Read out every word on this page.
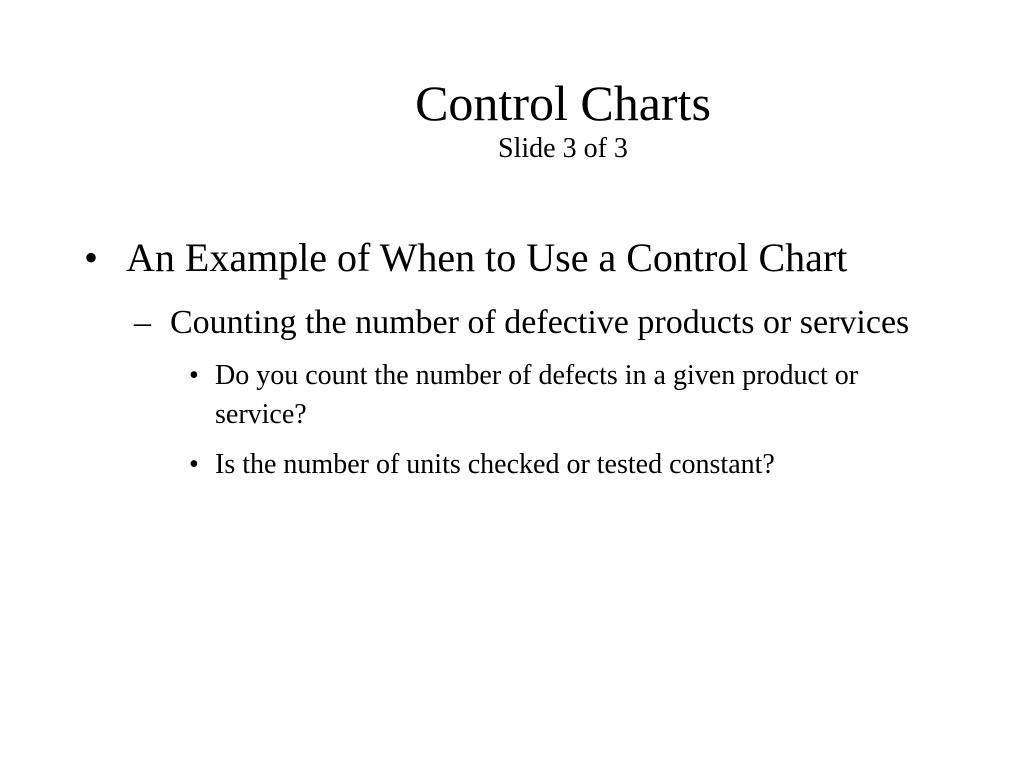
Control Charts
Slide 3 of 3
• An Example of When to Use a Control Chart
– Counting the number of defective products or services
• Do you count the number of defects in a given product or service?
• Is the number of units checked or tested constant?
